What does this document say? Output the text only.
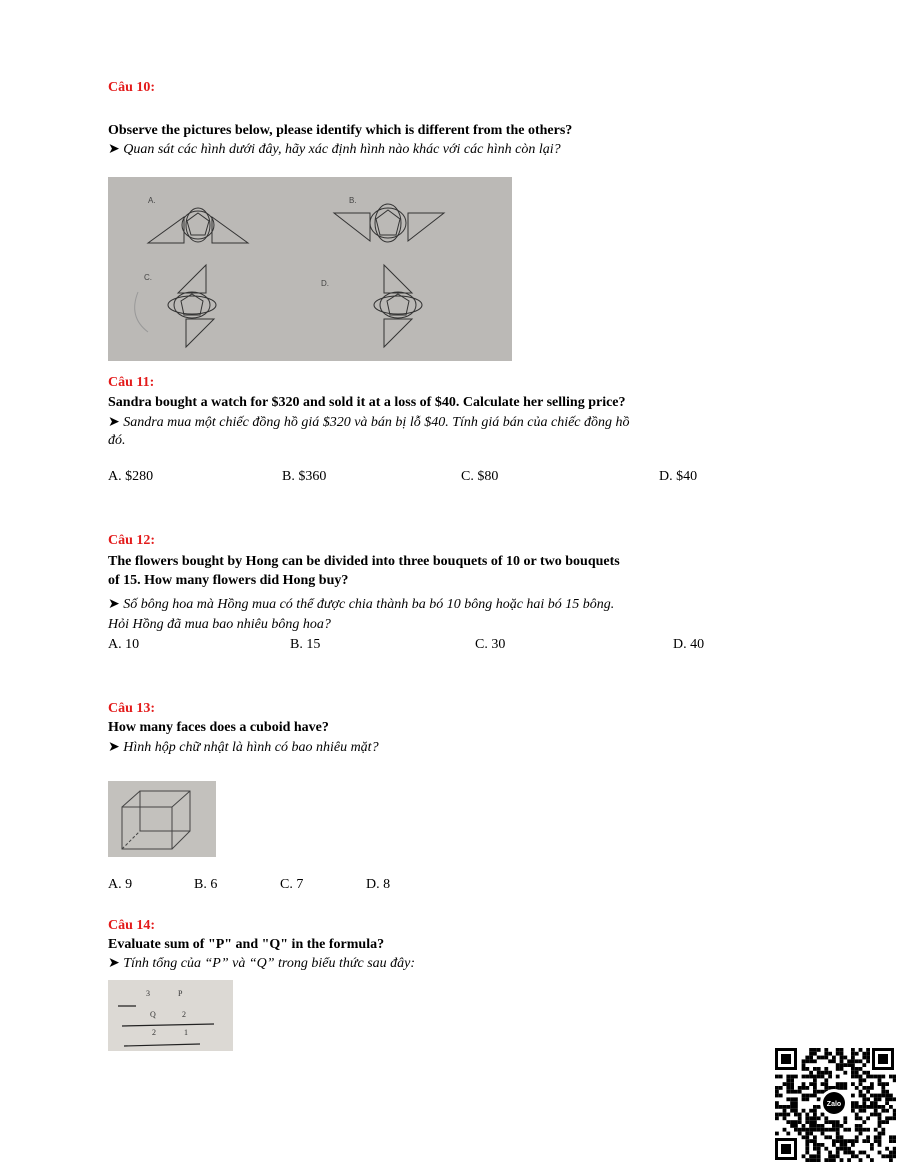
Câu 10:
Observe the pictures below, please identify which is different from the others?
➤ Quan sát các hình dưới đây, hãy xác định hình nào khác với các hình còn lại?
A.	B.
C.
D.
Câu 11:
Sandra bought a watch for $320 and sold it at a loss of $40. Calculate her selling price?
➤ Sandra mua một chiếc đồng hồ giá $320 và bán bị lỗ $40. Tính giá bán của chiếc đồng hồ
đó.
A. $280	B. $360	C. $80	D. $40
Câu 12:
The flowers bought by Hong can be divided into three bouquets of 10 or two bouquets
of 15. How many flowers did Hong buy?
➤ Số bông hoa mà Hồng mua có thể được chia thành ba bó 10 bông hoặc hai bó 15 bông.
Hỏi Hồng đã mua bao nhiêu bông hoa?
A. 10	B. 15	C. 30	D. 40
Câu 13:
How many faces does a cuboid have?
➤ Hình hộp chữ nhật là hình có bao nhiêu mặt?
A. 9	B. 6	C. 7	D. 8
Câu 14:
Evaluate sum of "P" and "Q" in the formula?
➤ Tính tổng của “P” và “Q” trong biểu thức sau đây:
3	P
Q	2
2	1
Zalo
